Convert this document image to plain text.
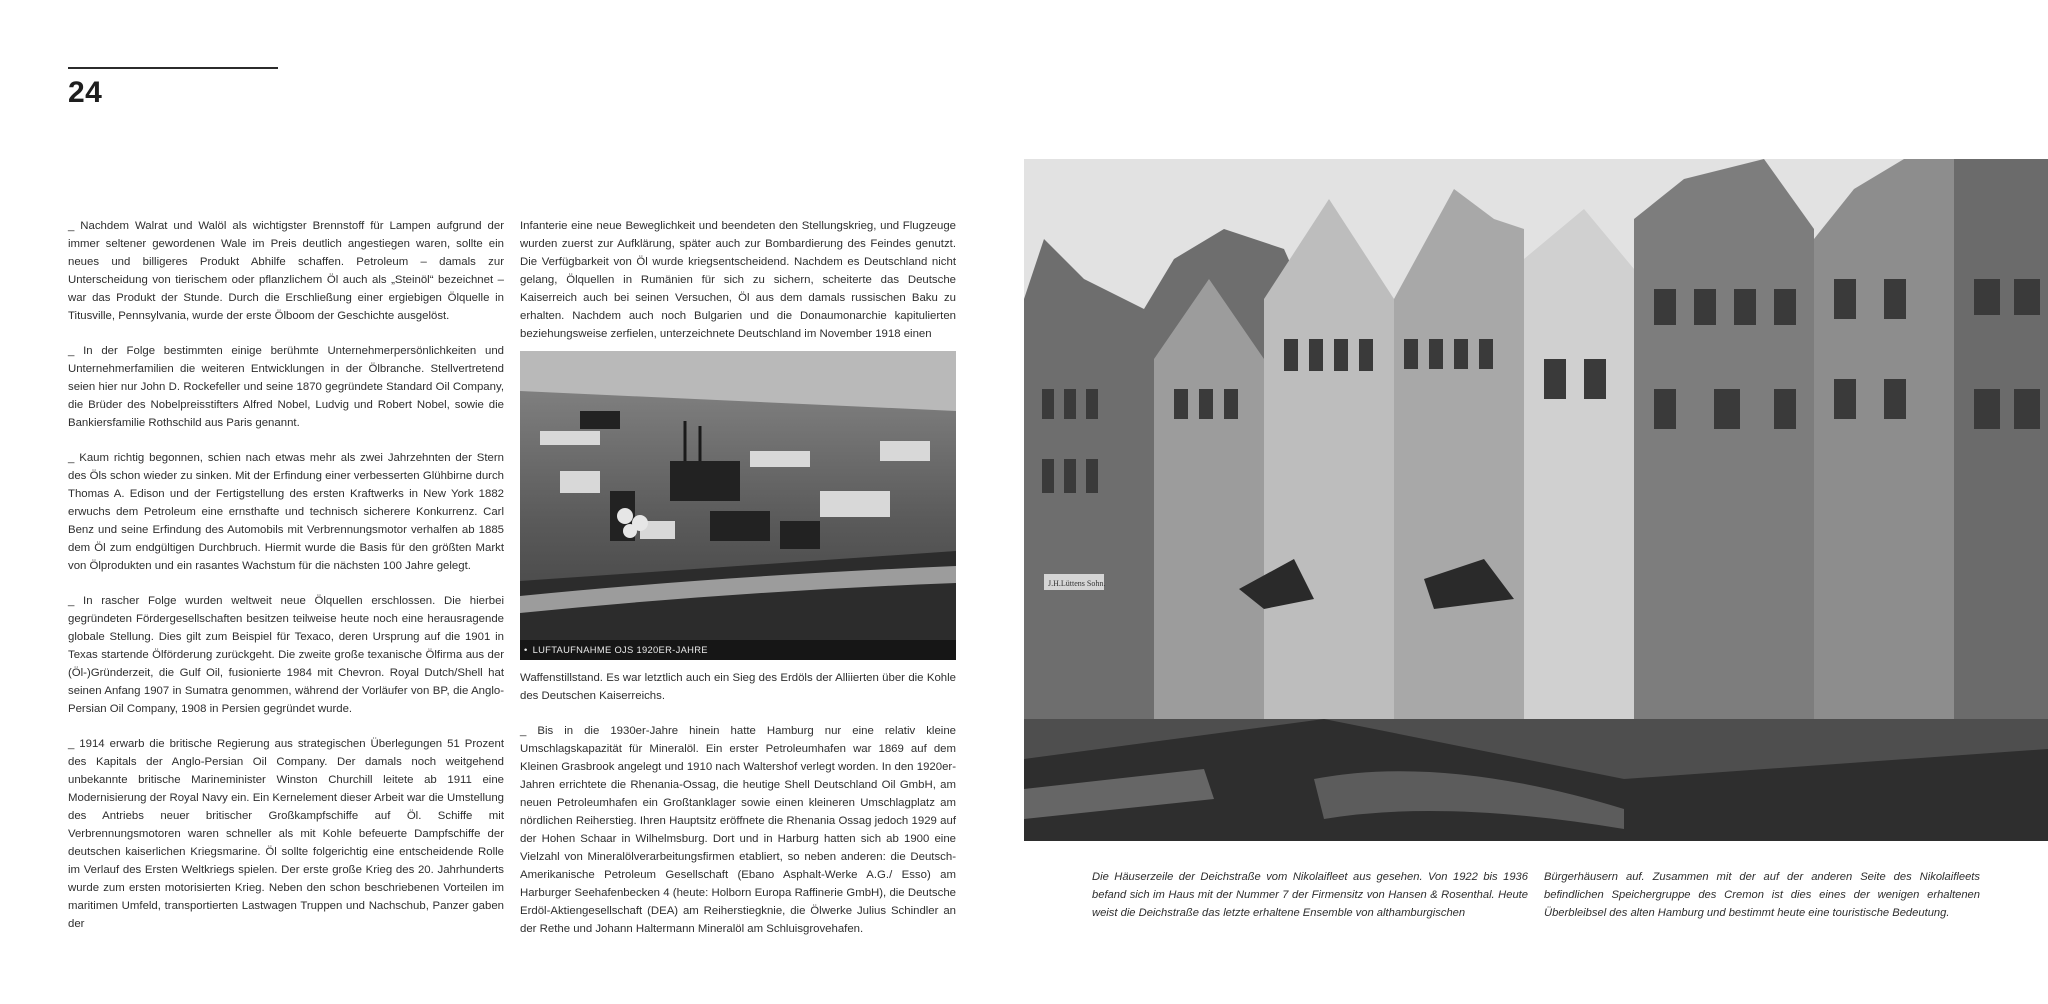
24

_ Nachdem Walrat und Walöl als wichtigster Brennstoff für Lampen aufgrund der immer seltener gewordenen Wale im Preis deutlich angestiegen waren, sollte ein neues und billigeres Produkt Abhilfe schaffen. Petroleum – damals zur Unterscheidung von tierischem oder pflanzlichem Öl auch als „Steinöl“ bezeichnet – war das Produkt der Stunde. Durch die Erschließung einer ergiebigen Ölquelle in Titusville, Pennsylvania, wurde der erste Ölboom der Geschichte ausgelöst.

_ In der Folge bestimmten einige berühmte Unternehmerpersönlichkeiten und Unternehmerfamilien die weiteren Entwicklungen in der Ölbranche. Stellvertretend seien hier nur John D. Rockefeller und seine 1870 gegründete Standard Oil Company, die Brüder des Nobelpreisstifters Alfred Nobel, Ludvig und Robert Nobel, sowie die Bankiersfamilie Rothschild aus Paris genannt.

_ Kaum richtig begonnen, schien nach etwas mehr als zwei Jahrzehnten der Stern des Öls schon wieder zu sinken. Mit der Erfindung einer verbesserten Glühbirne durch Thomas A. Edison und der Fertigstellung des ersten Kraftwerks in New York 1882 erwuchs dem Petroleum eine ernsthafte und technisch sicherere Konkurrenz. Carl Benz und seine Erfindung des Automobils mit Verbrennungsmotor verhalfen ab 1885 dem Öl zum endgültigen Durchbruch. Hiermit wurde die Basis für den größten Markt von Ölprodukten und ein rasantes Wachstum für die nächsten 100 Jahre gelegt.

_ In rascher Folge wurden weltweit neue Ölquellen erschlossen. Die hierbei gegründeten Fördergesellschaften besitzen teilweise heute noch eine herausragende globale Stellung. Dies gilt zum Beispiel für Texaco, deren Ursprung auf die 1901 in Texas startende Ölförderung zurückgeht. Die zweite große texanische Ölfirma aus der (Öl-)Gründerzeit, die Gulf Oil, fusionierte 1984 mit Chevron. Royal Dutch/Shell hat seinen Anfang 1907 in Sumatra genommen, während der Vorläufer von BP, die Anglo-Persian Oil Company, 1908 in Persien gegründet wurde.

_ 1914 erwarb die britische Regierung aus strategischen Überlegungen 51 Prozent des Kapitals der Anglo-Persian Oil Company. Der damals noch weitgehend unbekannte britische Marineminister Winston Churchill leitete ab 1911 eine Modernisierung der Royal Navy ein. Ein Kernelement dieser Arbeit war die Umstellung des Antriebs neuer britischer Großkampfschiffe auf Öl. Schiffe mit Verbrennungsmotoren waren schneller als mit Kohle befeuerte Dampfschiffe der deutschen kaiserlichen Kriegsmarine. Öl sollte folgerichtig eine entscheidende Rolle im Verlauf des Ersten Weltkriegs spielen. Der erste große Krieg des 20. Jahrhunderts wurde zum ersten motorisierten Krieg. Neben den schon beschriebenen Vorteilen im maritimen Umfeld, transportierten Lastwagen Truppen und Nachschub, Panzer gaben der

Infanterie eine neue Beweglichkeit und beendeten den Stellungskrieg, und Flugzeuge wurden zuerst zur Aufklärung, später auch zur Bombardierung des Feindes genutzt. Die Verfügbarkeit von Öl wurde kriegsentscheidend. Nachdem es Deutschland nicht gelang, Ölquellen in Rumänien für sich zu sichern, scheiterte das Deutsche Kaiserreich auch bei seinen Versuchen, Öl aus dem damals russischen Baku zu erhalten. Nachdem auch noch Bulgarien und die Donaumonarchie kapitulierten beziehungsweise zerfielen, unterzeichnete Deutschland im November 1918 einen

• LUFTAUFNAHME OJS 1920ER-JAHRE

Waffenstillstand. Es war letztlich auch ein Sieg des Erdöls der Alliierten über die Kohle des Deutschen Kaiserreichs.

_ Bis in die 1930er-Jahre hinein hatte Hamburg nur eine relativ kleine Umschlagskapazität für Mineralöl. Ein erster Petroleumhafen war 1869 auf dem Kleinen Grasbrook angelegt und 1910 nach Waltershof verlegt worden. In den 1920er-Jahren errichtete die Rhenania-Ossag, die heutige Shell Deutschland Oil GmbH, am neuen Petroleumhafen ein Großtanklager sowie einen kleineren Umschlagplatz am nördlichen Reiherstieg. Ihren Hauptsitz eröffnete die Rhenania Ossag jedoch 1929 auf der Hohen Schaar in Wilhelmsburg. Dort und in Harburg hatten sich ab 1900 eine Vielzahl von Mineralölverarbeitungsfirmen etabliert, so neben anderen: die Deutsch-Amerikanische Petroleum Gesellschaft (Ebano Asphalt-Werke A.G./ Esso) am Harburger Seehafenbecken 4 (heute: Holborn Europa Raffinerie GmbH), die Deutsche Erdöl-Aktiengesellschaft (DEA) am Reiherstiegknie, die Ölwerke Julius Schindler an der Rethe und Johann Haltermann Mineralöl am Schluisgrovehafen.

J.H.Lüttens Sohn.
Die Häuserzeile der Deichstraße vom Nikolaifleet aus gesehen. Von 1922 bis 1936 befand sich im Haus mit der Nummer 7 der Firmensitz von Hansen & Rosenthal. Heute weist die Deichstraße das letzte erhaltene Ensemble von althamburgischen
Bürgerhäusern auf. Zusammen mit der auf der anderen Seite des Nikolaifleets befindlichen Speichergruppe des Cremon ist dies eines der wenigen erhaltenen Überbleibsel des alten Hamburg und bestimmt heute eine touristische Bedeutung.
